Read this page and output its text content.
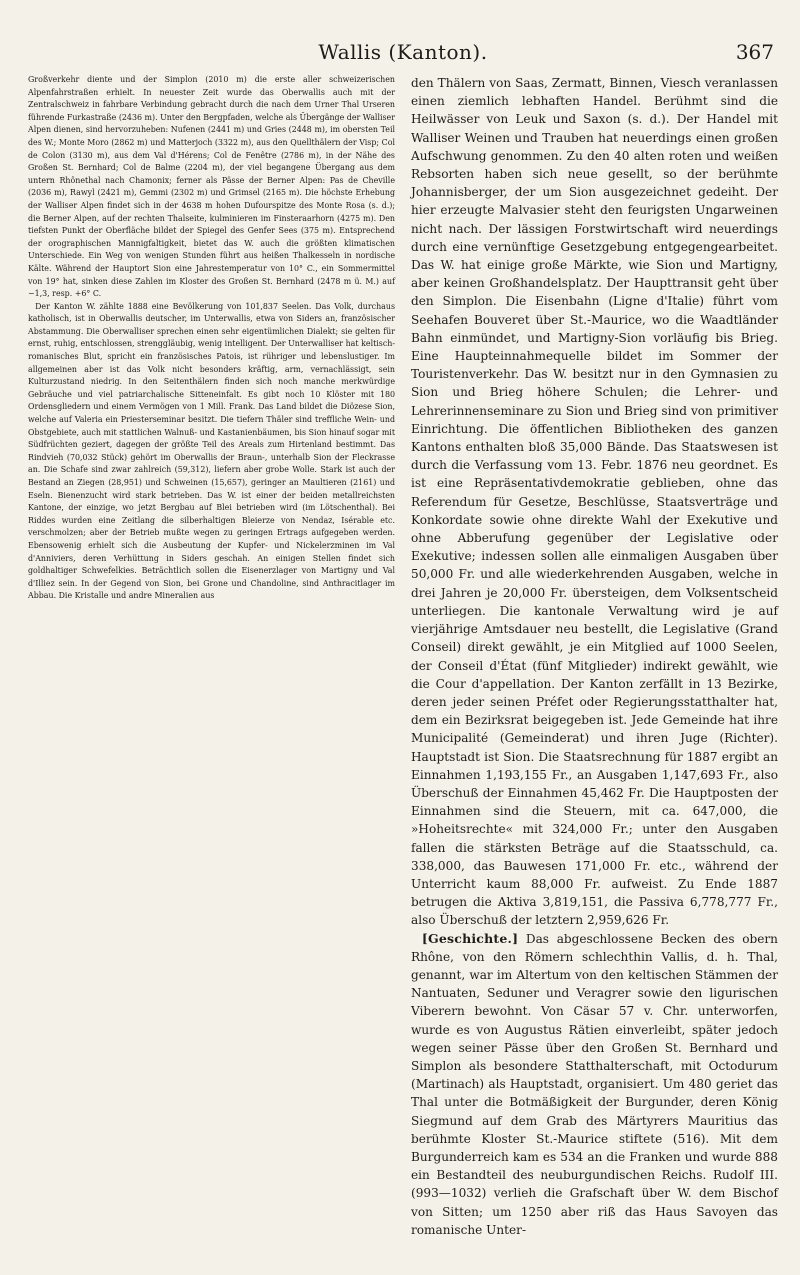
Wallis (Kanton).	367

Großverkehr diente und der Simplon (2010 m) die erste aller schweizerischen Alpenfahrstraßen erhielt. In neuester Zeit wurde das Oberwallis auch mit der Zentralschweiz in fahrbare Verbindung gebracht durch die nach dem Urner Thal Urseren führende Furkastraße (2436 m). Unter den Bergpfaden, welche als Übergänge der Walliser Alpen dienen, sind hervorzuheben: Nufenen (2441 m) und Gries (2448 m), im obersten Teil des W.; Monte Moro (2862 m) und Matterjoch (3322 m), aus den Quellthälern der Visp; Col de Colon (3130 m), aus dem Val d'Hérens; Col de Fenêtre (2786 m), in der Nähe des Großen St. Bernhard; Col de Balme (2204 m), der viel begangene Übergang aus dem untern Rhônethal nach Chamonix; ferner als Pässe der Berner Alpen: Pas de Cheville (2036 m), Rawyl (2421 m), Gemmi (2302 m) und Grimsel (2165 m). Die höchste Erhebung der Walliser Alpen findet sich in der 4638 m hohen Dufourspitze des Monte Rosa (s. d.); die Berner Alpen, auf der rechten Thalseite, kulminieren im Finsteraarhorn (4275 m). Den tiefsten Punkt der Oberfläche bildet der Spiegel des Genfer Sees (375 m). Entsprechend der orographischen Mannigfaltigkeit, bietet das W. auch die größten klimatischen Unterschiede. Ein Weg von wenigen Stunden führt aus heißen Thalkesseln in nordische Kälte. Während der Hauptort Sion eine Jahrestemperatur von 10° C., ein Sommermittel von 19° hat, sinken diese Zahlen im Kloster des Großen St. Bernhard (2478 m ü. M.) auf −1,3, resp. +6° C.

Der Kanton W. zählte 1888 eine Bevölkerung von 101,837 Seelen. Das Volk, durchaus katholisch, ist in Oberwallis deutscher, im Unterwallis, etwa von Siders an, französischer Abstammung. Die Oberwalliser sprechen einen sehr eigentümlichen Dialekt; sie gelten für ernst, ruhig, entschlossen, strenggläubig, wenig intelligent. Der Unterwalliser hat keltisch-romanisches Blut, spricht ein französisches Patois, ist rühriger und lebenslustiger. Im allgemeinen aber ist das Volk nicht besonders kräftig, arm, vernachlässigt, sein Kulturzustand niedrig. In den Seitenthälern finden sich noch manche merkwürdige Gebräuche und viel patriarchalische Sitteneinfalt. Es gibt noch 10 Klöster mit 180 Ordensgliedern und einem Vermögen von 1 Mill. Frank. Das Land bildet die Diözese Sion, welche auf Valeria ein Priesterseminar besitzt. Die tiefern Thäler sind treffliche Wein- und Obstgebiete, auch mit stattlichen Walnuß- und Kastanienbäumen, bis Sion hinauf sogar mit Südfrüchten geziert, dagegen der größte Teil des Areals zum Hirtenland bestimmt. Das Rindvieh (70,032 Stück) gehört im Oberwallis der Braun-, unterhalb Sion der Fleckrasse an. Die Schafe sind zwar zahlreich (59,312), liefern aber grobe Wolle. Stark ist auch der Bestand an Ziegen (28,951) und Schweinen (15,657), geringer an Maultieren (2161) und Eseln. Bienenzucht wird stark betrieben. Das W. ist einer der beiden metallreichsten Kantone, der einzige, wo jetzt Bergbau auf Blei betrieben wird (im Lötschenthal). Bei Riddes wurden eine Zeitlang die silberhaltigen Bleierze von Nendaz, Isérable etc. verschmolzen; aber der Betrieb mußte wegen zu geringen Ertrags aufgegeben werden. Ebensowenig erhielt sich die Ausbeutung der Kupfer- und Nickelerzminen im Val d'Anniviers, deren Verhüttung in Siders geschah. An einigen Stellen findet sich goldhaltiger Schwefelkies. Beträchtlich sollen die Eisenerzlager von Martigny und Val d'Illiez sein. In der Gegend von Sion, bei Grone und Chandoline, sind Anthracitlager im Abbau. Die Kristalle und andre Mineralien aus

den Thälern von Saas, Zermatt, Binnen, Viesch veranlassen einen ziemlich lebhaften Handel. Berühmt sind die Heilwässer von Leuk und Saxon (s. d.). Der Handel mit Walliser Weinen und Trauben hat neuerdings einen großen Aufschwung genommen. Zu den 40 alten roten und weißen Rebsorten haben sich neue gesellt, so der berühmte Johannisberger, der um Sion ausgezeichnet gedeiht. Der hier erzeugte Malvasier steht den feurigsten Ungarweinen nicht nach. Der lässigen Forstwirtschaft wird neuerdings durch eine vernünftige Gesetzgebung entgegengearbeitet. Das W. hat einige große Märkte, wie Sion und Martigny, aber keinen Großhandelsplatz. Der Haupttransit geht über den Simplon. Die Eisenbahn (Ligne d'Italie) führt vom Seehafen Bouveret über St.-Maurice, wo die Waadtländer Bahn einmündet, und Martigny-Sion vorläufig bis Brieg. Eine Haupteinnahmequelle bildet im Sommer der Touristenverkehr. Das W. besitzt nur in den Gymnasien zu Sion und Brieg höhere Schulen; die Lehrer- und Lehrerinnenseminare zu Sion und Brieg sind von primitiver Einrichtung. Die öffentlichen Bibliotheken des ganzen Kantons enthalten bloß 35,000 Bände. Das Staatswesen ist durch die Verfassung vom 13. Febr. 1876 neu geordnet. Es ist eine Repräsentativdemokratie geblieben, ohne das Referendum für Gesetze, Beschlüsse, Staatsverträge und Konkordate sowie ohne direkte Wahl der Exekutive und ohne Abberufung gegenüber der Legislative oder Exekutive; indessen sollen alle einmaligen Ausgaben über 50,000 Fr. und alle wiederkehrenden Ausgaben, welche in drei Jahren je 20,000 Fr. übersteigen, dem Volksentscheid unterliegen. Die kantonale Verwaltung wird je auf vierjährige Amtsdauer neu bestellt, die Legislative (Grand Conseil) direkt gewählt, je ein Mitglied auf 1000 Seelen, der Conseil d'État (fünf Mitglieder) indirekt gewählt, wie die Cour d'appellation. Der Kanton zerfällt in 13 Bezirke, deren jeder seinen Préfet oder Regierungsstatthalter hat, dem ein Bezirksrat beigegeben ist. Jede Gemeinde hat ihre Municipalité (Gemeinderat) und ihren Juge (Richter). Hauptstadt ist Sion. Die Staatsrechnung für 1887 ergibt an Einnahmen 1,193,155 Fr., an Ausgaben 1,147,693 Fr., also Überschuß der Einnahmen 45,462 Fr. Die Hauptposten der Einnahmen sind die Steuern, mit ca. 647,000, die »Hoheitsrechte« mit 324,000 Fr.; unter den Ausgaben fallen die stärksten Beträge auf die Staatsschuld, ca. 338,000, das Bauwesen 171,000 Fr. etc., während der Unterricht kaum 88,000 Fr. aufweist. Zu Ende 1887 betrugen die Aktiva 3,819,151, die Passiva 6,778,777 Fr., also Überschuß der letztern 2,959,626 Fr.

[Geschichte.] Das abgeschlossene Becken des obern Rhône, von den Römern schlechthin Vallis, d. h. Thal, genannt, war im Altertum von den keltischen Stämmen der Nantuaten, Seduner und Veragrer sowie den ligurischen Viberern bewohnt. Von Cäsar 57 v. Chr. unterworfen, wurde es von Augustus Rätien einverleibt, später jedoch wegen seiner Pässe über den Großen St. Bernhard und Simplon als besondere Statthalterschaft, mit Octodurum (Martinach) als Hauptstadt, organisiert. Um 480 geriet das Thal unter die Botmäßigkeit der Burgunder, deren König Siegmund auf dem Grab des Märtyrers Mauritius das berühmte Kloster St.-Maurice stiftete (516). Mit dem Burgunderreich kam es 534 an die Franken und wurde 888 ein Bestandteil des neuburgundischen Reichs. Rudolf III. (993—1032) verlieh die Grafschaft über W. dem Bischof von Sitten; um 1250 aber riß das Haus Savoyen das romanische Unter-
